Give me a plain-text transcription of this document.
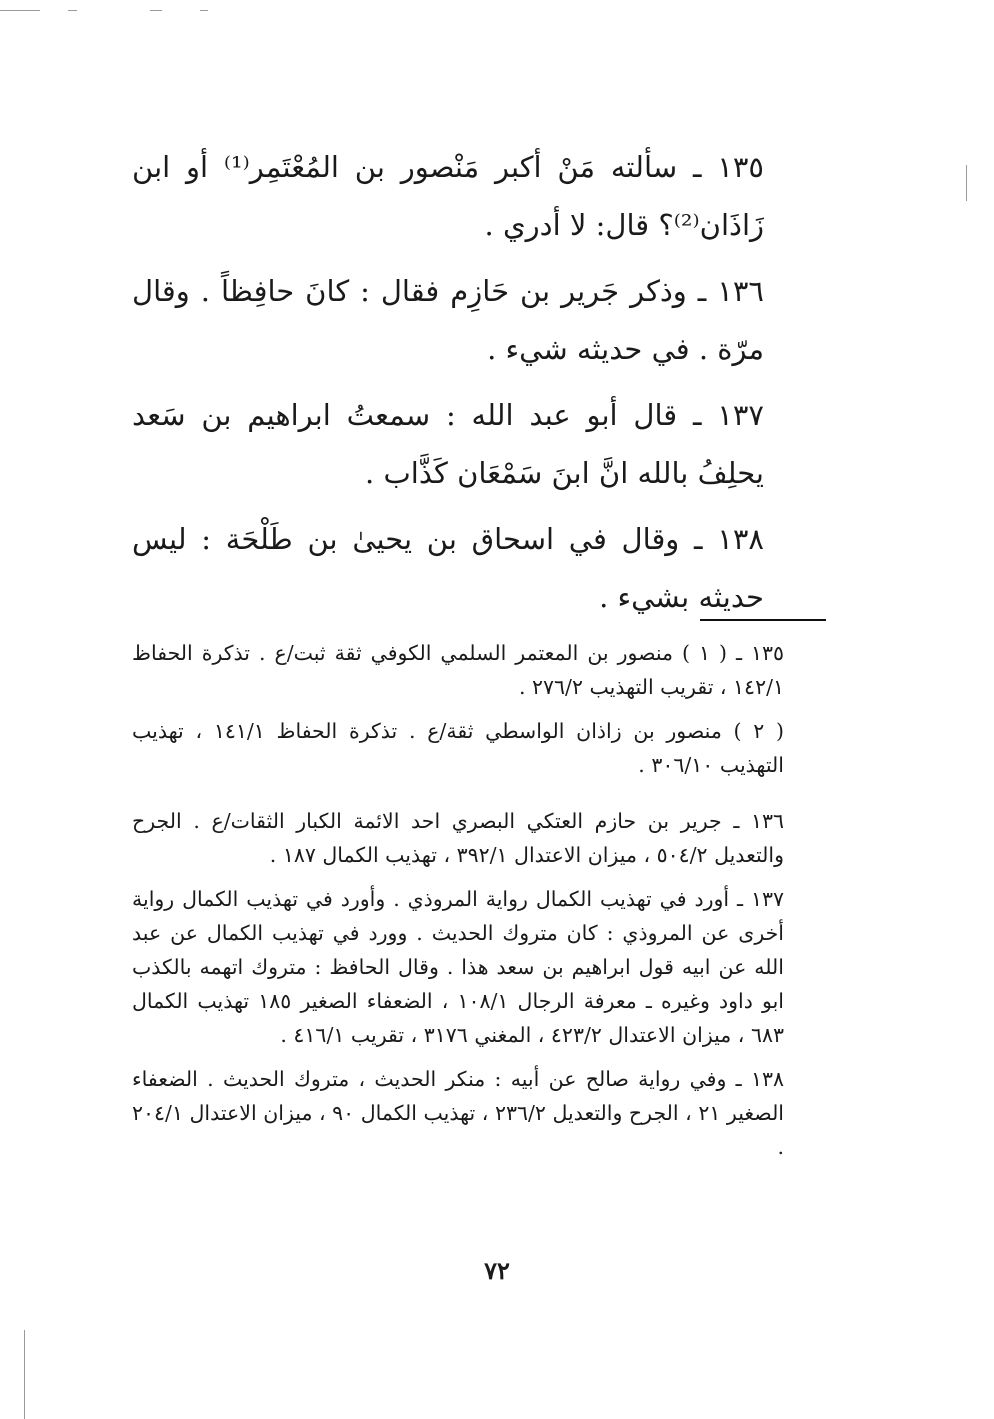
١٣٥ ـ سألته مَنْ أكبر مَنْصور بن المُعْتَمِر⁽¹⁾ أو ابن زَاذَان⁽²⁾؟ قال: لا أدري .

١٣٦ ـ وذكر جَرير بن حَازِم فقال : كانَ حافِظاً . وقال مرّة . في حديثه شيء .

١٣٧ ـ قال أبو عبد الله : سمعتُ ابراهيم بن سَعد يحلِفُ بالله انَّ ابنَ سَمْعَان كَذَّاب .

١٣٨ ـ وقال في اسحاق بن يحيىٰ بن طَلْحَة : ليس حديثه بشيء .

١٣٥ ـ ( ١ ) منصور بن المعتمر السلمي الكوفي ثقة ثبت/ع . تذكرة الحفاظ ١٤٢/١ ، تقريب التهذيب ٢٧٦/٢ .

( ٢ ) منصور بن زاذان الواسطي ثقة/ع . تذكرة الحفاظ ١٤١/١ ، تهذيب التهذيب ٣٠٦/١٠ .

١٣٦ ـ جرير بن حازم العتكي البصري احد الائمة الكبار الثقات/ع . الجرح والتعديل ٥٠٤/٢ ، ميزان الاعتدال ٣٩٢/١ ، تهذيب الكمال ١٨٧ .

١٣٧ ـ أورد في تهذيب الكمال رواية المروذي . وأورد في تهذيب الكمال رواية أخرى عن المروذي : كان متروك الحديث . وورد في تهذيب الكمال عن عبد الله عن ابيه قول ابراهيم بن سعد هذا . وقال الحافظ : متروك اتهمه بالكذب ابو داود وغيره ـ معرفة الرجال ١٠٨/١ ، الضعفاء الصغير ١٨٥ تهذيب الكمال ٦٨٣ ، ميزان الاعتدال ٤٢٣/٢ ، المغني ٣١٧٦ ، تقريب ٤١٦/١ .

١٣٨ ـ وفي رواية صالح عن أبيه : منكر الحديث ، متروك الحديث . الضعفاء الصغير ٢١ ، الجرح والتعديل ٢٣٦/٢ ، تهذيب الكمال ٩٠ ، ميزان الاعتدال ٢٠٤/١ .

٧٢
